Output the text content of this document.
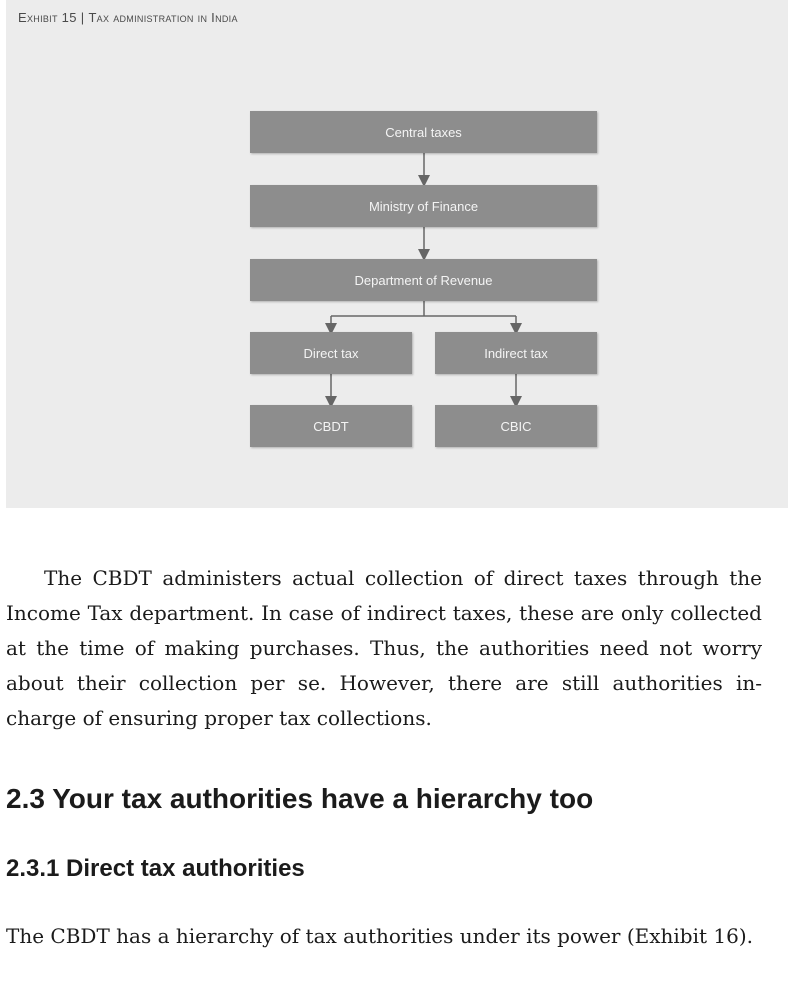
Exhibit 15 | Tax administration in India
Central taxes
Ministry of Finance
Department of Revenue
Direct tax	Indirect tax
CBDT	CBIC

The CBDT administers actual collection of direct taxes through the Income Tax department. In case of indirect taxes, these are only collected at the time of making purchases. Thus, the authorities need not worry about their collection per se. However, there are still authorities in-charge of ensuring proper tax collections.

2.3 Your tax authorities have a hierarchy too
2.3.1 Direct tax authorities

The CBDT has a hierarchy of tax authorities under its power (Exhibit 16).
